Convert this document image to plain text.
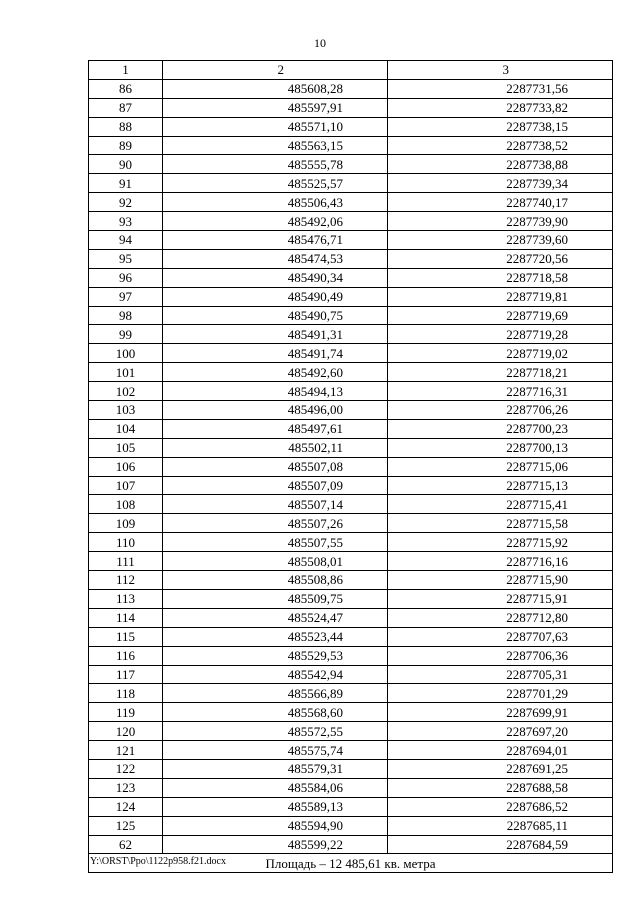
10
1	2	3
86	485608,28	2287731,56
87	485597,91	2287733,82
88	485571,10	2287738,15
89	485563,15	2287738,52
90	485555,78	2287738,88
91	485525,57	2287739,34
92	485506,43	2287740,17
93	485492,06	2287739,90
94	485476,71	2287739,60
95	485474,53	2287720,56
96	485490,34	2287718,58
97	485490,49	2287719,81
98	485490,75	2287719,69
99	485491,31	2287719,28
100	485491,74	2287719,02
101	485492,60	2287718,21
102	485494,13	2287716,31
103	485496,00	2287706,26
104	485497,61	2287700,23
105	485502,11	2287700,13
106	485507,08	2287715,06
107	485507,09	2287715,13
108	485507,14	2287715,41
109	485507,26	2287715,58
110	485507,55	2287715,92
111	485508,01	2287716,16
112	485508,86	2287715,90
113	485509,75	2287715,91
114	485524,47	2287712,80
115	485523,44	2287707,63
116	485529,53	2287706,36
117	485542,94	2287705,31
118	485566,89	2287701,29
119	485568,60	2287699,91
120	485572,55	2287697,20
121	485575,74	2287694,01
122	485579,31	2287691,25
123	485584,06	2287688,58
124	485589,13	2287686,52
125	485594,90	2287685,11
62	485599,22	2287684,59
Площадь – 12 485,61 кв. метра		
Y:\ORST\Ppo\1122p958.f21.docx
